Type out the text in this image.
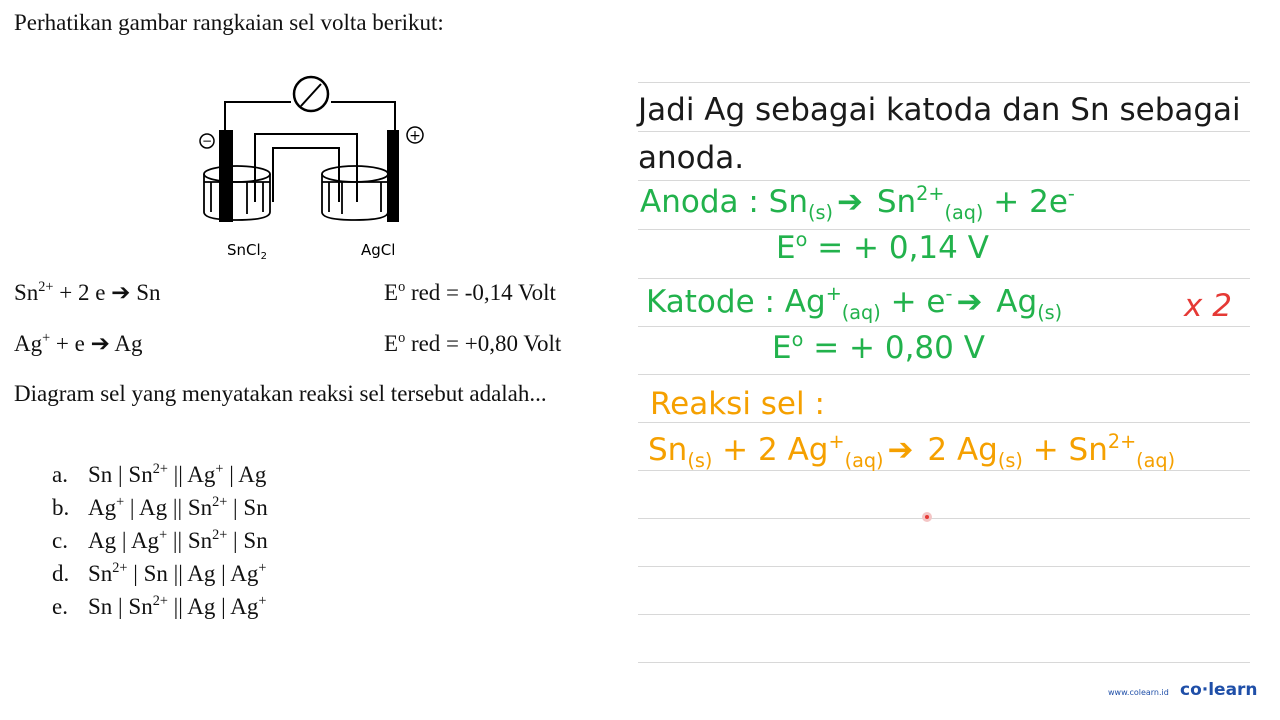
Perhatikan gambar rangkaian sel volta berikut:
−	+
SnCl$_2$	AgCl
$Sn^{2+} + 2$ e ➔ Sn	$E^o$ red = -0,14 Volt
Ag+ + e ➔ Ag	$E^o$ red = +0,80 Volt
Diagram sel yang menyatakan reaksi sel tersebut adalah...
a. Sn | $Sn^{2+}$ || Ag+ | Ag
b. Ag+ | Ag || $Sn^{2+}$ | Sn
c. Ag | Ag+ || $Sn^{2+}$ | Sn
d. $Sn^{2+}$ | Sn || Ag | Ag+
e. Sn | $Sn^{2+}$ || Ag | Ag+
Jadi Ag sebagai katoda dan Sn sebagai
anoda.
Anoda : $Sn_{(s)}$ ➔ $Sn^{2+}_{(aq)} + 2e^-$
$E^o$ = + 0,14 V
Katode : $Ag^+_{(aq)} + e^-$ ➔ $Ag_{(s)}$	x 2
$E^o$ = + 0,80 V
Reaksi sel :
$Sn_{(s)} + 2$ $Ag^+_{(aq)}$ ➔ 2 $Ag_{(s)} + Sn^{2+}_{(aq)}$
www.colearn.id co·learn
